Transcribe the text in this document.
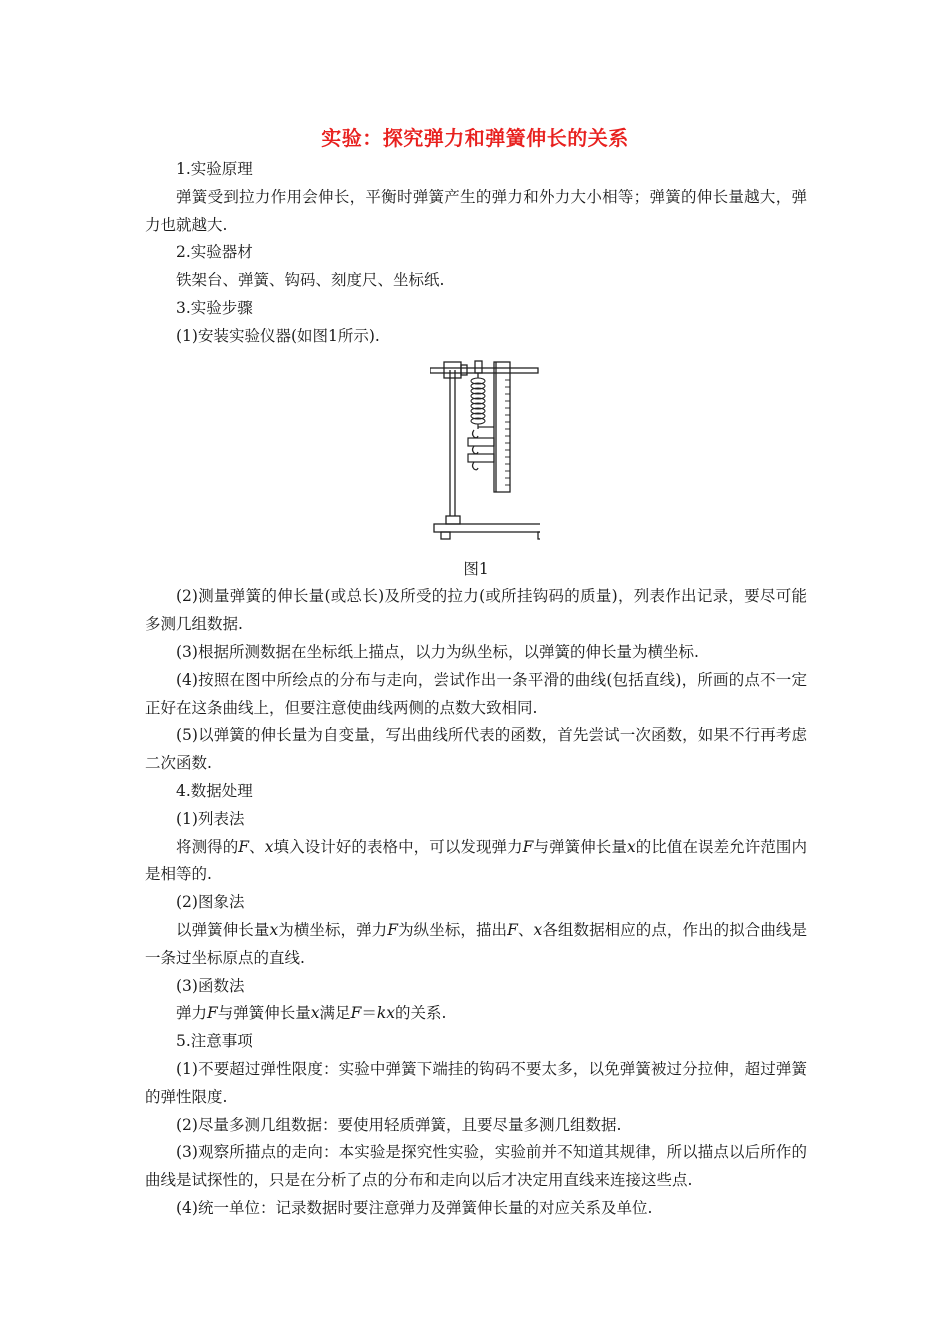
实验：探究弹力和弹簧伸长的关系

1.实验原理

弹簧受到拉力作用会伸长，平衡时弹簧产生的弹力和外力大小相等；弹簧的伸长量越大，弹力也就越大.

2.实验器材

铁架台、弹簧、钩码、刻度尺、坐标纸.

3.实验步骤

(1)安装实验仪器(如图1所示).

图1

(2)测量弹簧的伸长量(或总长)及所受的拉力(或所挂钩码的质量)，列表作出记录，要尽可能多测几组数据.

(3)根据所测数据在坐标纸上描点，以力为纵坐标，以弹簧的伸长量为横坐标.

(4)按照在图中所绘点的分布与走向，尝试作出一条平滑的曲线(包括直线)，所画的点不一定正好在这条曲线上，但要注意使曲线两侧的点数大致相同.

(5)以弹簧的伸长量为自变量，写出曲线所代表的函数，首先尝试一次函数，如果不行再考虑二次函数.

4.数据处理

(1)列表法

将测得的F、x填入设计好的表格中，可以发现弹力F与弹簧伸长量x的比值在误差允许范围内是相等的.

(2)图象法

以弹簧伸长量x为横坐标，弹力F为纵坐标，描出F、x各组数据相应的点，作出的拟合曲线是一条过坐标原点的直线.

(3)函数法

弹力F与弹簧伸长量x满足F＝kx的关系.

5.注意事项

(1)不要超过弹性限度：实验中弹簧下端挂的钩码不要太多，以免弹簧被过分拉伸，超过弹簧的弹性限度.

(2)尽量多测几组数据：要使用轻质弹簧，且要尽量多测几组数据.

(3)观察所描点的走向：本实验是探究性实验，实验前并不知道其规律，所以描点以后所作的曲线是试探性的，只是在分析了点的分布和走向以后才决定用直线来连接这些点.

(4)统一单位：记录数据时要注意弹力及弹簧伸长量的对应关系及单位.
